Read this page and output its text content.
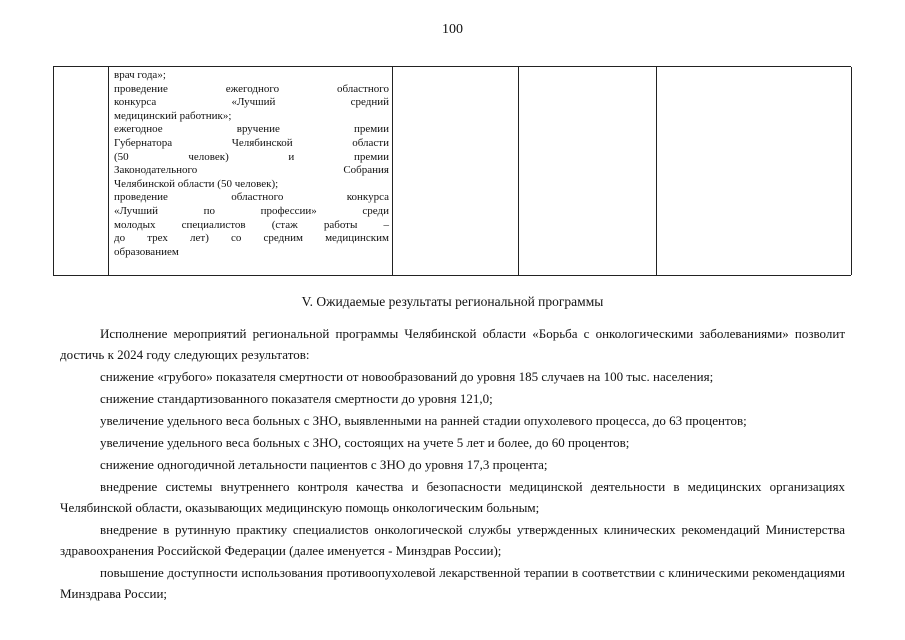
100
врач года»;
проведение ежегодного областного
конкурса «Лучший средний
медицинский работник»;
ежегодное вручение премии
Губернатора Челябинской области
(50 человек) и премии
Законодательного Собрания
Челябинской области (50 человек);
проведение областного конкурса
«Лучший по профессии» среди
молодых специалистов (стаж работы –
до трех лет) со средним медицинским
образованием
V. Ожидаемые результаты региональной программы

Исполнение мероприятий региональной программы Челябинской области «Борьба с онкологическими заболеваниями» позволит достичь к 2024 году следующих результатов:

снижение «грубого» показателя смертности от новообразований до уровня 185 случаев на 100 тыс. населения;

снижение стандартизованного показателя смертности до уровня 121,0;

увеличение удельного веса больных с ЗНО, выявленными на ранней стадии опухолевого процесса, до 63 процентов;

увеличение удельного веса больных с ЗНО, состоящих на учете 5 лет и более, до 60 процентов;

снижение одногодичной летальности пациентов с ЗНО до уровня 17,3 процента;

внедрение системы внутреннего контроля качества и безопасности медицинской деятельности в медицинских организациях Челябинской области, оказывающих медицинскую помощь онкологическим больным;

внедрение в рутинную практику специалистов онкологической службы утвержденных клинических рекомендаций Министерства здравоохранения Российской Федерации (далее именуется - Минздрав России);

повышение доступности использования противоопухолевой лекарственной терапии в соответствии с клиническими рекомендациями Минздрава России;
